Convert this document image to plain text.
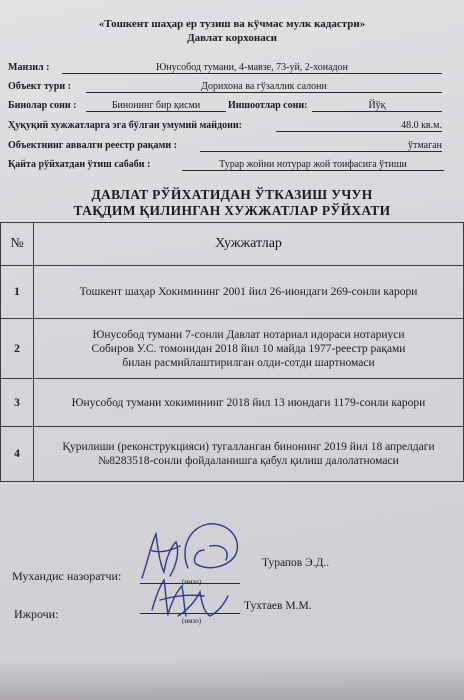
«Тошкент шаҳар ер тузиш ва кўчмас мулк кадастри»
Давлат корхонаси
Манзил :	Юнусобод тумани, 4-мавзе, 73-уй, 2-хонадон
Объект тури :	Дорихона ва гўзаллик салони
Бинолар сони :	Бинонинг бир қисми	Иншоотлар сони:	Йўқ
Ҳуқуқий хужжатларга эга бўлган умумий майдони:	48.0 кв.м.
Объектнинг аввалги реестр рақами :	ўтмаган
Қайта рўйхатдан ўтиш сабаби :	Турар жойни нотурар жой тоифасига ўтиши
ДАВЛАТ РЎЙХАТИДАН ЎТКАЗИШ УЧУН
ТАҚДИМ ҚИЛИНГАН ХУЖЖАТЛАР РЎЙХАТИ
№	Хужжатлар
1	Тошкент шаҳар Хокимининг 2001 йил 26-июндаги 269-сонли карори

2	Юнусобод тумани 7-сонли Давлат нотариал идораси нотариуси
Собиров У.С. томонидан 2018 йил 10 майда 1977-реестр рақами
билан расмийлаштирилган олди-сотди шартномаси

3	Юнусобод тумани хокимининг 2018 йил 13 июндаги 1179-сонли карори

4	Қурилиши (реконструкцияси) тугалланган бинонинг 2019 йил 18 апрелдаги
№8283518-сонли фойдаланишга қабул қилиш далолатномаси
Мухандис назоратчи:	(имзо)
Турапов Э.Д..
Ижрочи:	(имзо)
Тухтаев М.М.
